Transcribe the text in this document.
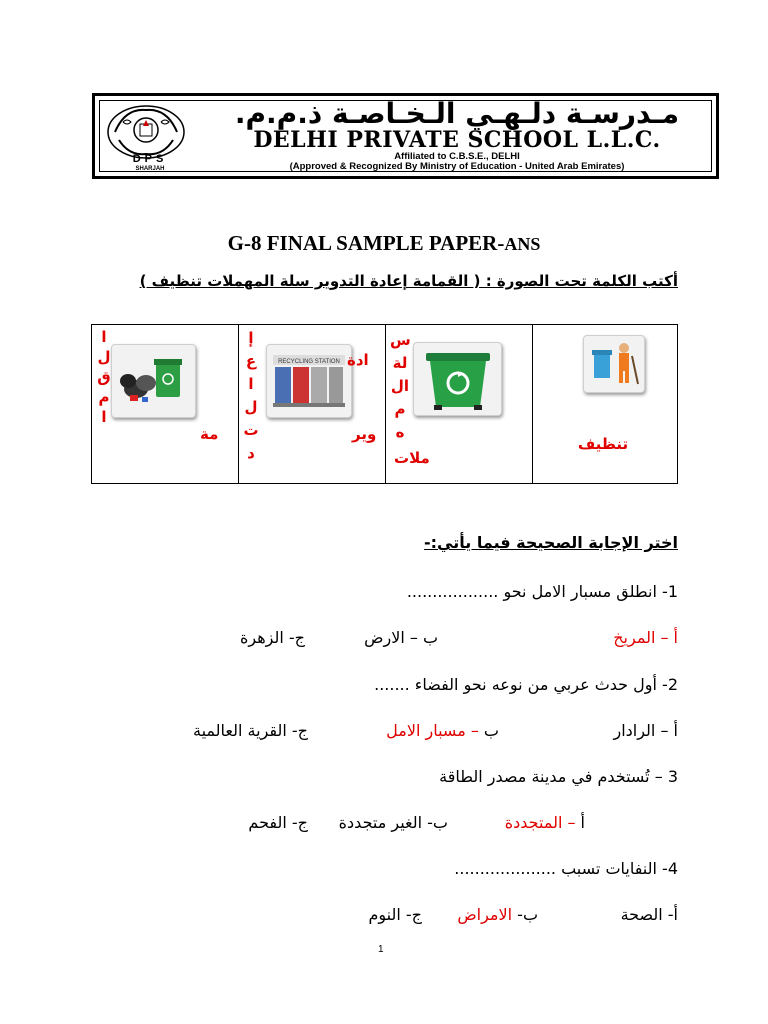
DPS
SHARJAH
مـدرسـة دلـهـي الـخـاصـة ذ.م.م.
DELHI PRIVATE SCHOOL L.L.C.
Affiliated to C.B.S.E., DELHI
(Approved & Recognized By Ministry of Education - United Arab Emirates)
G-8 FINAL SAMPLE PAPER-ANS
أكتب الكلمة تحت الصورة : ( القمامة إعادة التدوير سلة المهملات تنظيف )
ا
ل
ق
م
ا
مة
RECYCLING STATION
إ
ع
ا
ل
ت
د
ادة
وير
س
لة
ال
م
ه
ملات
تنظيف
اختر الإجابة الصحيحة فيما يأتي:-
1- انطلق مسبار الامل نحو ..................
أ – المريخ
ب – الارض
ج- الزهرة
2- أول حدث عربي من نوعه نحو الفضاء .......
أ – الرادار
ب – مسبار الامل
ج- القرية العالمية
3 – تُستخدم في مدينة مصدر الطاقة
أ – المتجددة
ب- الغير متجددة
ج- الفحم
4- النفايات تسبب ....................
أ- الصحة
ب- الامراض
ج- النوم
1
